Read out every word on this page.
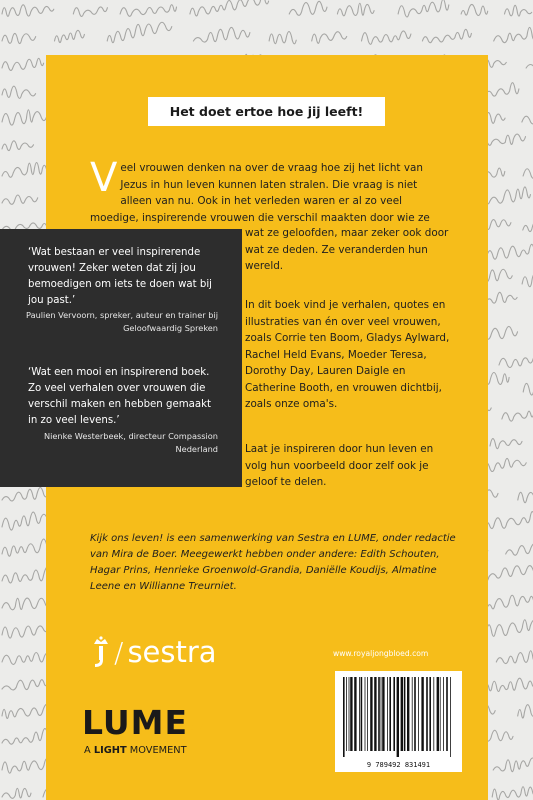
Het doet ertoe hoe jij leeft!

Veel vrouwen denken na over de vraag hoe zij het licht van Jezus in hun leven kunnen laten stralen. Die vraag is niet alleen van nu. Ook in het verleden waren er al zo veel moedige, inspirerende vrouwen die verschil maakten door wie ze

wat ze geloofden, maar zeker ook door wat ze deden. Ze veranderden hun wereld.

In dit boek vind je verhalen, quotes en illustraties van én over veel vrouwen, zoals Corrie ten Boom, Gladys Aylward, Rachel Held Evans, Moeder Teresa, Dorothy Day, Lauren Daigle en Catherine Booth, en vrouwen dichtbij, zoals onze oma's.

Laat je inspireren door hun leven en volg hun voorbeeld door zelf ook je geloof te delen.

‘Wat bestaan er veel inspirerende vrouwen! Zeker weten dat zij jou bemoedigen om iets te doen wat bij jou past.’

Paulien Vervoorn, spreker, auteur en trainer bij Geloofwaardig Spreken

‘Wat een mooi en inspirerend boek. Zo veel verhalen over vrouwen die verschil maken en hebben gemaakt in zo veel levens.’

Nienke Westerbeek, directeur Compassion Nederland

Kijk ons leven! is een samenwerking van Sestra en LUME, onder redactie van Mira de Boer. Meegewerkt hebben onder andere: Edith Schouten, Hagar Prins, Henrieke Groenwold-Grandia, Daniëlle Koudijs, Almatine Leene en Willianne Treurniet.

/ sestra	www.royaljongbloed.com
9 789492 831491
LUME
A LIGHT MOVEMENT
